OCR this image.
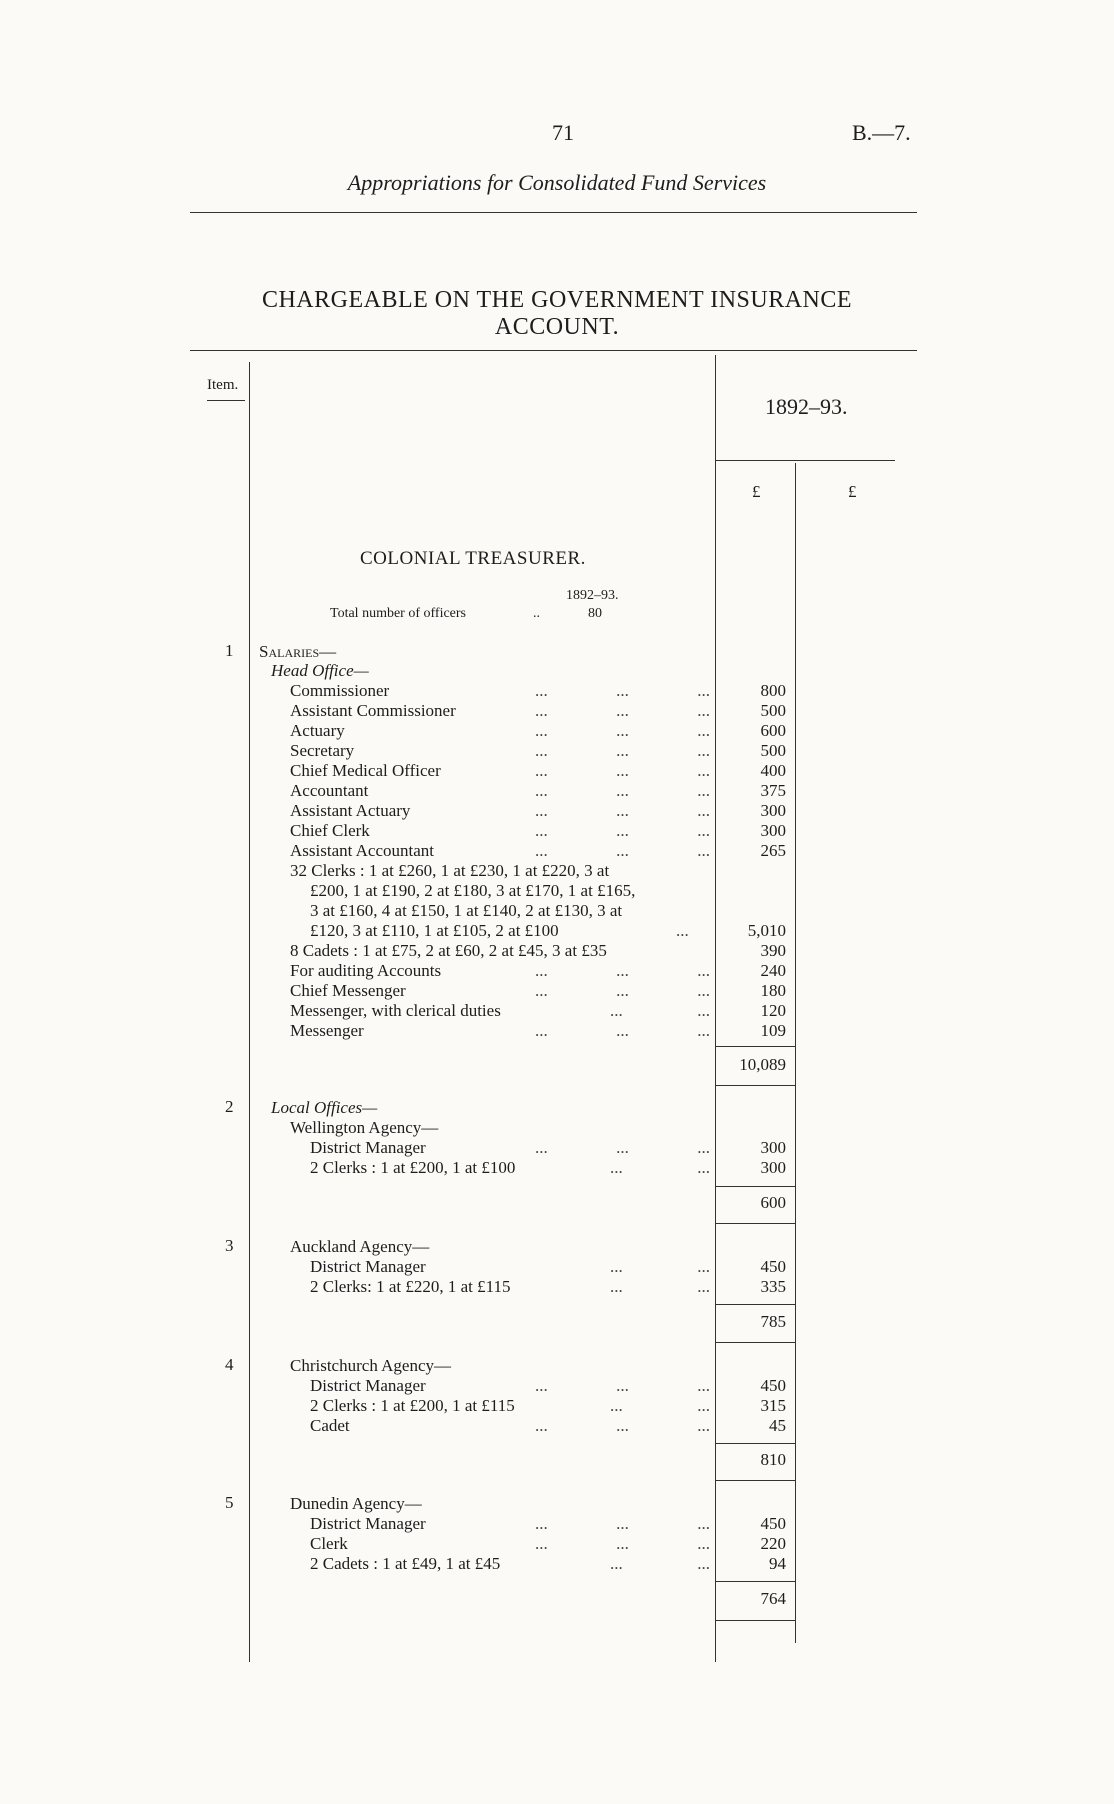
71	B.—7.
Appropriations for Consolidated Fund Services
CHARGEABLE ON THE GOVERNMENT INSURANCE
ACCOUNT.
Item.
1892–93.
£	£
COLONIAL TREASURER.
1892–93.
Total number of officers	..	80
1 Salaries—
Head Office—
Commissioner	...	...	...	800
Assistant Commissioner	...	...	...	500
Actuary	...	...	...	600
Secretary	...	...	...	500
Chief Medical Officer	...	...	...	400
Accountant	...	...	...	375
Assistant Actuary	...	...	...	300
Chief Clerk	...	...	...	300
Assistant Accountant	...	...	...	265
32 Clerks : 1 at £260, 1 at £230, 1 at £220, 3 at
£200, 1 at £190, 2 at £180, 3 at £170, 1 at £165,
3 at £160, 4 at £150, 1 at £140, 2 at £130, 3 at
£120, 3 at £110, 1 at £105, 2 at £100	...	5,010
8 Cadets : 1 at £75, 2 at £60, 2 at £45, 3 at £35	390
For auditing Accounts	...	...	...	240
Chief Messenger	...	...	...	180
Messenger, with clerical duties	...	...	120
Messenger	...	...	...	109
10,089
2 Local Offices—
Wellington Agency—
District Manager	...	...	...	300
2 Clerks : 1 at £200, 1 at £100	...	...	300
600
3	Auckland Agency—
District Manager	...	...	450
2 Clerks: 1 at £220, 1 at £115	...	...	335
785
4	Christchurch Agency—
District Manager	...	...	...	450
2 Clerks : 1 at £200, 1 at £115	...	...	315
Cadet	...	...	...	45
810
5	Dunedin Agency—
District Manager	...	...	...	450
Clerk	...	...	...	220
2 Cadets : 1 at £49, 1 at £45	...	...	94
764
